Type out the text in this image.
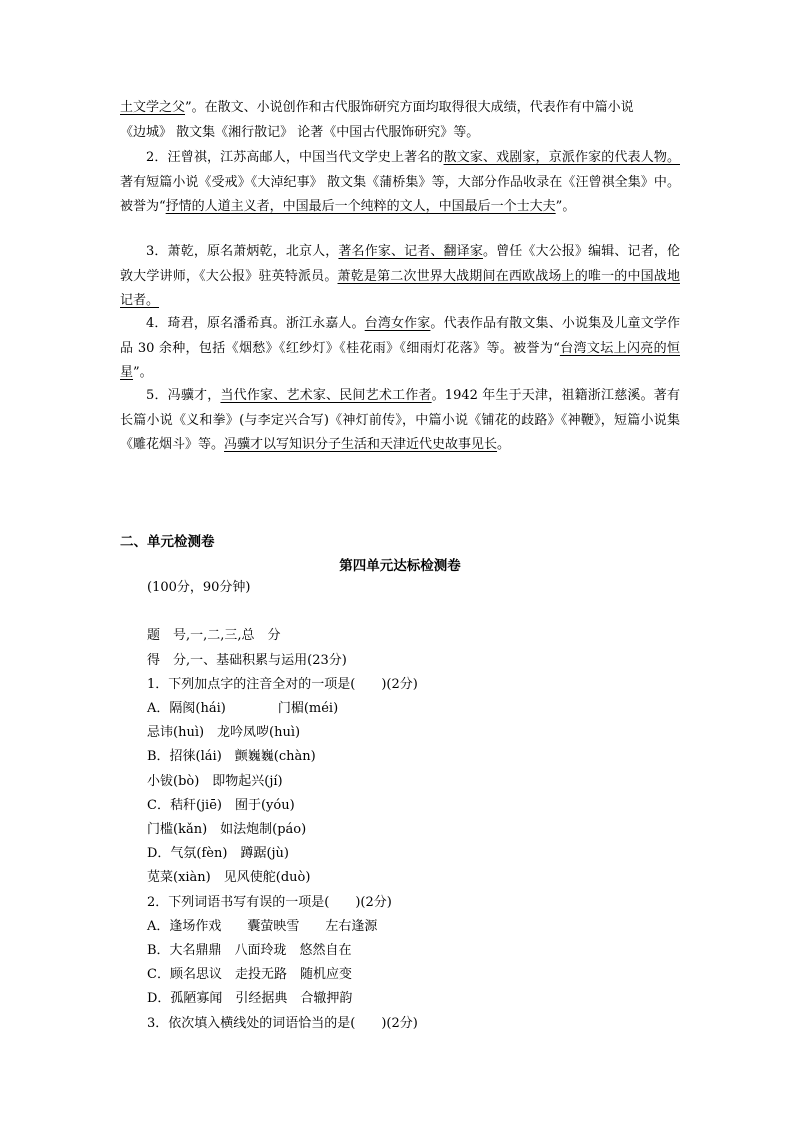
土文学之父”。在散文、小说创作和古代服饰研究方面均取得很大成绩，代表作有中篇小说
《边城》 散文集《湘行散记》 论著《中国古代服饰研究》等。

2．汪曾祺，江苏高邮人，中国当代文学史上著名的散文家、戏剧家，京派作家的代表人物。著有短篇小说《受戒》《大淖纪事》 散文集《蒲桥集》等，大部分作品收录在《汪曾祺全集》中。被誉为“抒情的人道主义者，中国最后一个纯粹的文人，中国最后一个士大夫”。

3．萧乾，原名萧炳乾，北京人，著名作家、记者、翻译家。曾任《大公报》编辑、记者，伦敦大学讲师，《大公报》驻英特派员。萧乾是第二次世界大战期间在西欧战场上的唯一的中国战地记者。

4．琦君，原名潘希真。浙江永嘉人。台湾女作家。代表作品有散文集、小说集及儿童文学作品 30 余种，包括《烟愁》《红纱灯》《桂花雨》《细雨灯花落》等。被誉为“台湾文坛上闪亮的恒星”。

5．冯骥才，当代作家、艺术家、民间艺术工作者。1942 年生于天津，祖籍浙江慈溪。著有长篇小说《义和拳》(与李定兴合写)《神灯前传》，中篇小说《铺花的歧路》《神鞭》，短篇小说集《雕花烟斗》等。冯骥才以写知识分子生活和天津近代史故事见长。

二、单元检测卷
第四单元达标检测卷
(100分，90分钟)
题　号,一,二,三,总　分
得　分,一、基础积累与运用(23分)
1．下列加点字的注音全对的一项是(　　)(2分)
A．隔阂(hái)　　　　门楣(méi)
忌讳(huì)　龙吟凤哕(huì)
B．招徕(lái)　颤巍巍(chàn)
小钹(bò)　即物起兴(jí)
C．秸秆(jiē)　囿于(yóu)
门槛(kǎn)　如法炮制(páo)
D．气氛(fèn)　蹲踞(jù)
苋菜(xiàn)　见风使舵(duò)
2．下列词语书写有误的一项是(　　)(2分)
A．逢场作戏　　囊萤映雪　　左右逢源
B．大名鼎鼎　八面玲珑　悠然自在
C．顾名思议　走投无路　随机应变
D．孤陋寡闻　引经据典　合辙押韵
3．依次填入横线处的词语恰当的是(　　)(2分)
